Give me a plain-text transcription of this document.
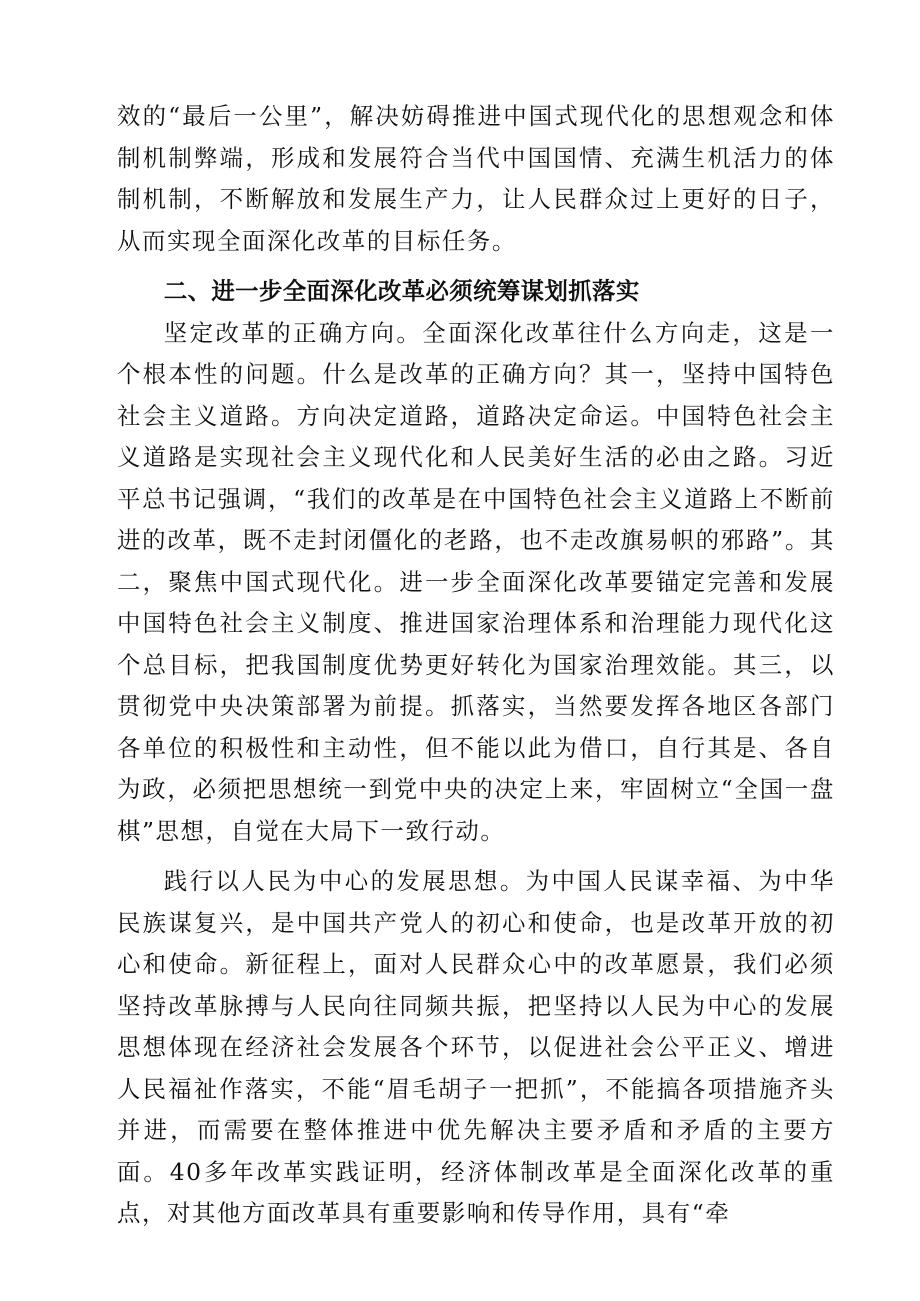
效的“最后一公里”，解决妨碍推进中国式现代化的思想观念和体制机制弊端，形成和发展符合当代中国国情、充满生机活力的体制机制，不断解放和发展生产力，让人民群众过上更好的日子，从而实现全面深化改革的目标任务。

二、进一步全面深化改革必须统筹谋划抓落实

坚定改革的正确方向。全面深化改革往什么方向走，这是一个根本性的问题。什么是改革的正确方向？其一，坚持中国特色社会主义道路。方向决定道路，道路决定命运。中国特色社会主义道路是实现社会主义现代化和人民美好生活的必由之路。习近平总书记强调，“我们的改革是在中国特色社会主义道路上不断前进的改革，既不走封闭僵化的老路，也不走改旗易帜的邪路”。其二，聚焦中国式现代化。进一步全面深化改革要锚定完善和发展中国特色社会主义制度、推进国家治理体系和治理能力现代化这个总目标，把我国制度优势更好转化为国家治理效能。其三，以贯彻党中央决策部署为前提。抓落实，当然要发挥各地区各部门各单位的积极性和主动性，但不能以此为借口，自行其是、各自为政，必须把思想统一到党中央的决定上来，牢固树立“全国一盘棋”思想，自觉在大局下一致行动。

践行以人民为中心的发展思想。为中国人民谋幸福、为中华民族谋复兴，是中国共产党人的初心和使命，也是改革开放的初心和使命。新征程上，面对人民群众心中的改革愿景，我们必须坚持改革脉搏与人民向往同频共振，把坚持以人民为中心的发展思想体现在经济社会发展各个环节，以促进社会公平正义、增进人民福祉作落实，不能“眉毛胡子一把抓”，不能搞各项措施齐头并进，而需要在整体推进中优先解决主要矛盾和矛盾的主要方面。40多年改革实践证明，经济体制改革是全面深化改革的重点，对其他方面改革具有重要影响和传导作用，具有“牵
